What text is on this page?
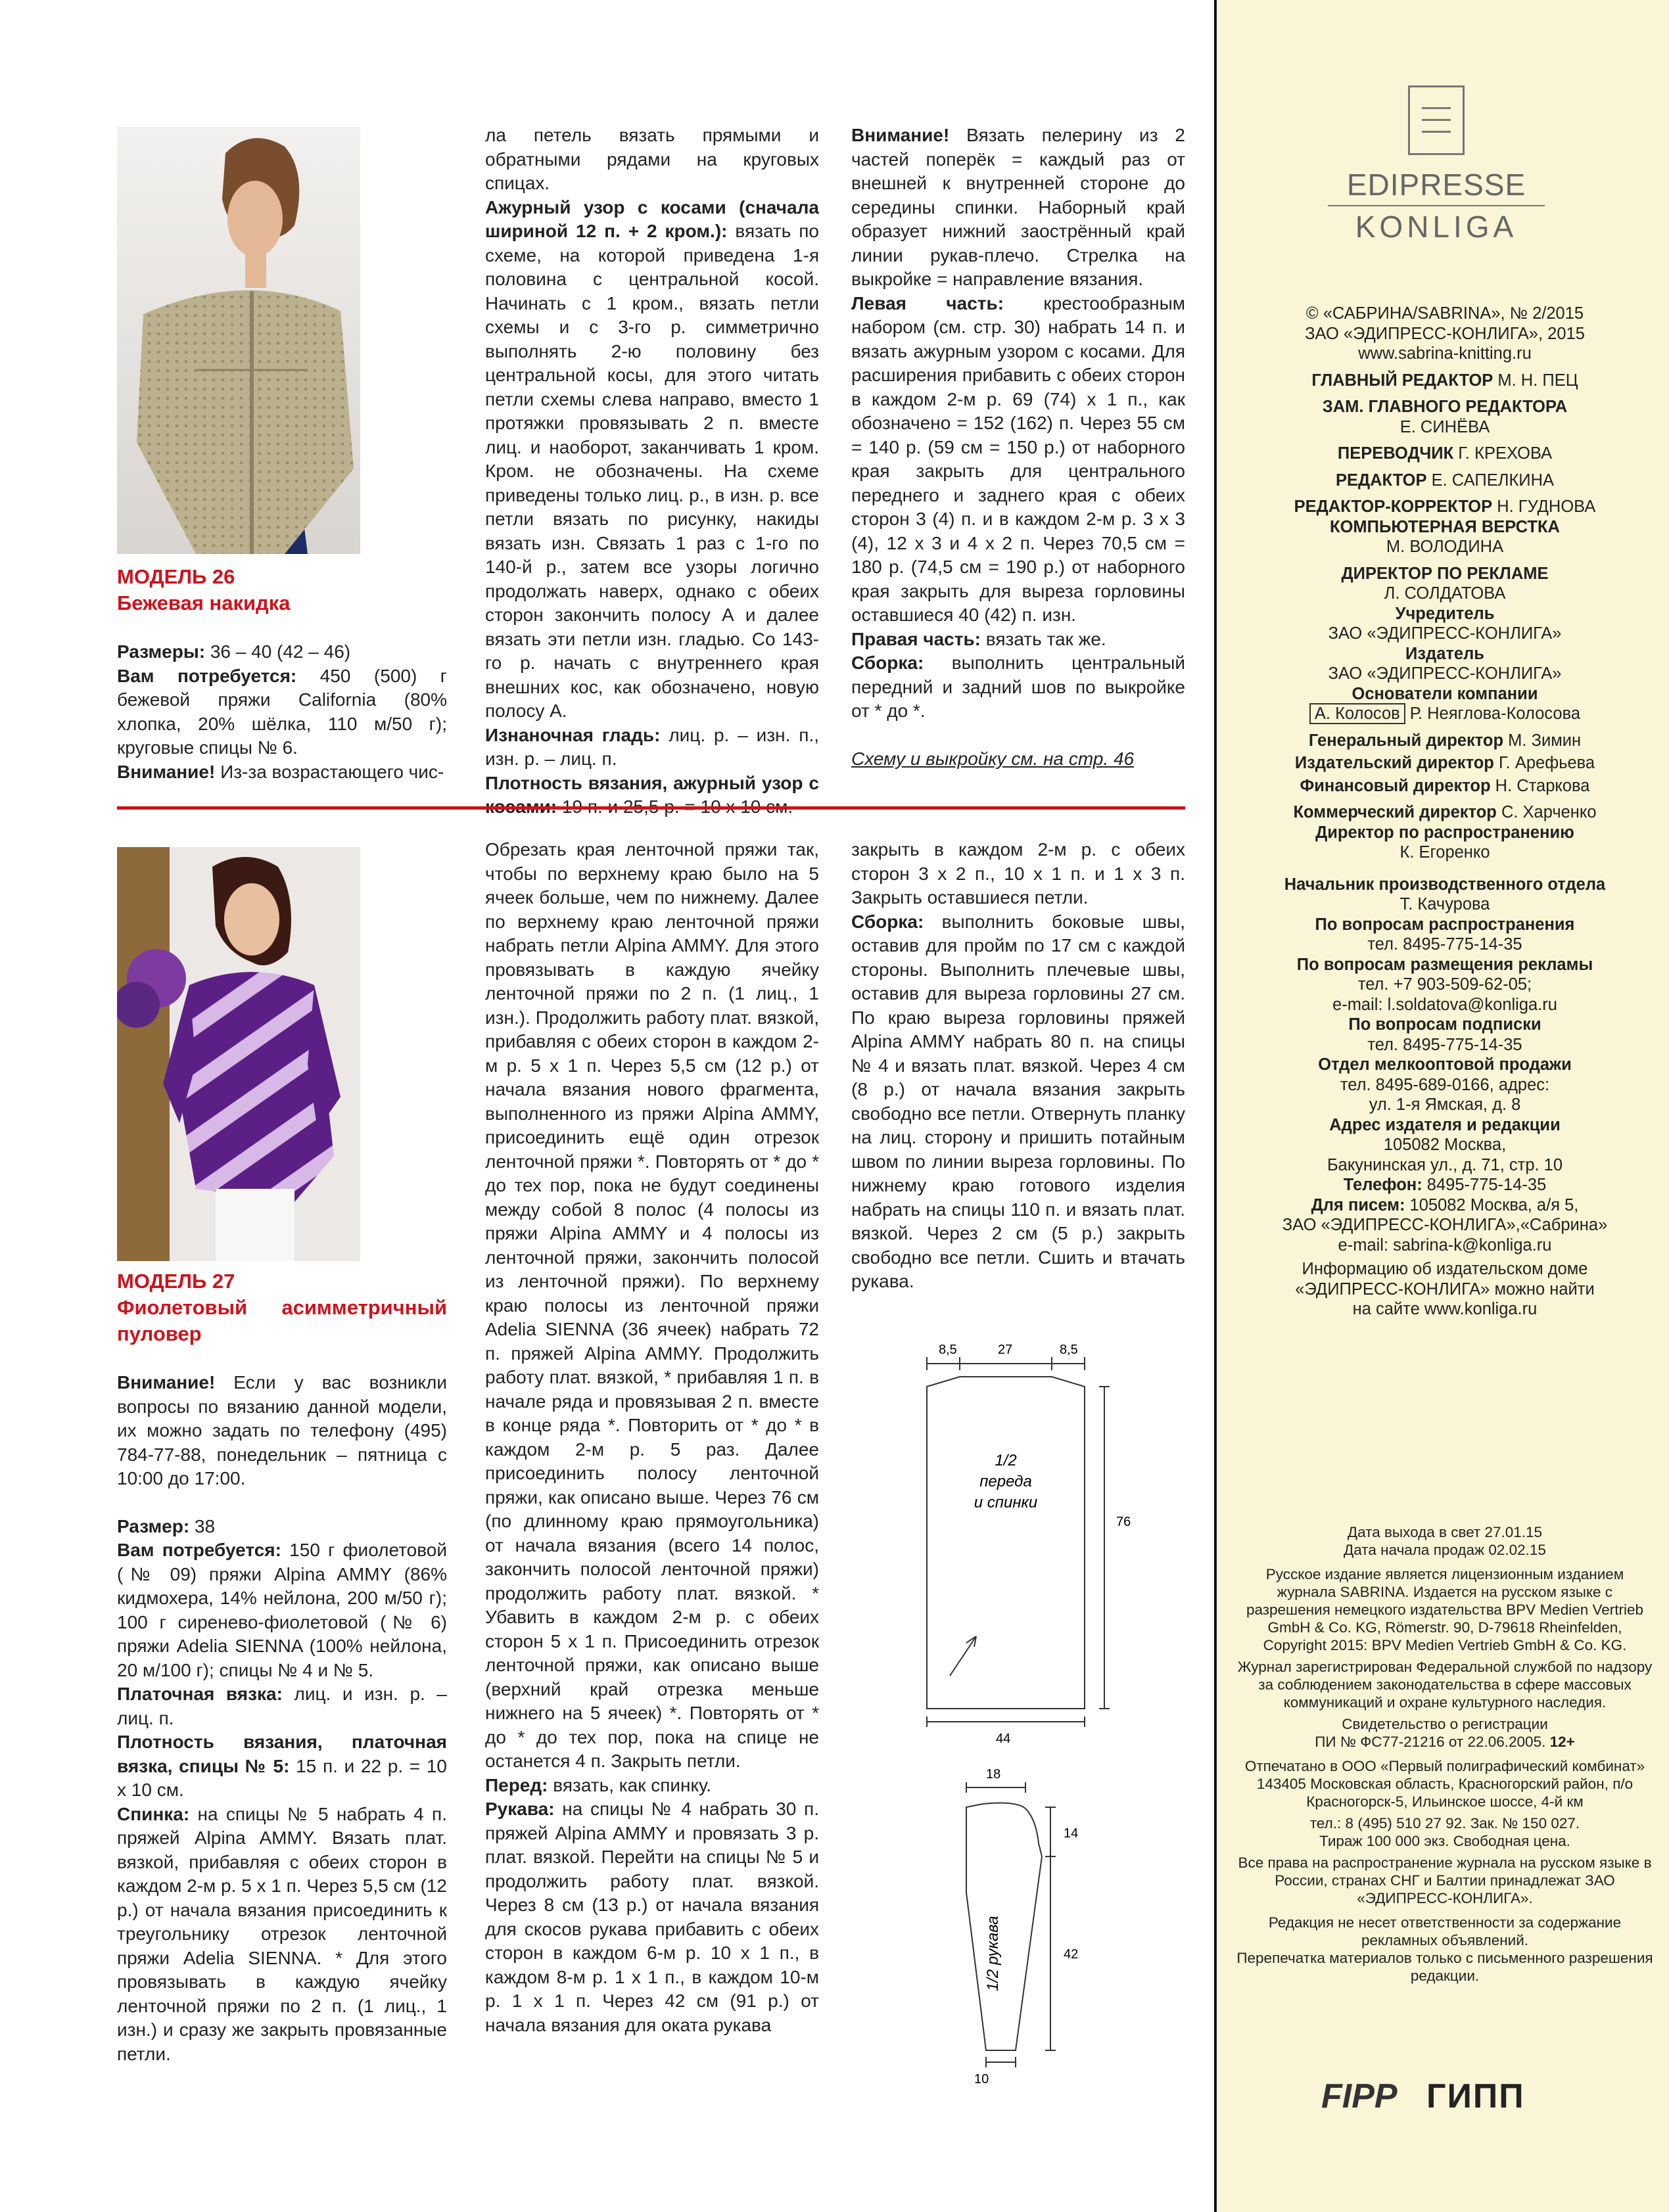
МОДЕЛЬ 26
Бежевая накидка

Размеры: 36 – 40 (42 – 46)

Вам потребуется: 450 (500) г бежевой пряжи California (80% хлопка, 20% шёлка, 110 м/50 г); круговые спицы № 6.

Внимание! Из-за возрастающего чис-

ла петель вязать прямыми и обратными рядами на круговых спицах.

Ажурный узор с косами (сначала шириной 12 п. + 2 кром.): вязать по схеме, на которой приведена 1-я половина с центральной косой. Начинать с 1 кром., вязать петли схемы и с 3-го р. симметрично выполнять 2-ю половину без центральной косы, для этого читать петли схемы слева направо, вместо 1 протяжки провязывать 2 п. вместе лиц. и наоборот, заканчивать 1 кром. Кром. не обозначены. На схеме приведены только лиц. р., в изн. р. все петли вязать по рисунку, накиды вязать изн. Связать 1 раз с 1-го по 140-й р., затем все узоры логично продолжать наверх, однако с обеих сторон закончить полосу А и далее вязать эти петли изн. гладью. Со 143-го р. начать с внутреннего края внешних кос, как обозначено, новую полосу А.

Изнаночная гладь: лиц. р. – изн. п., изн. р. – лиц. п.

Плотность вязания, ажурный узор с

Внимание! Вязать пелерину из 2 частей поперёк = каждый раз от внешней к внутренней стороне до середины спинки. Наборный край образует нижний заострённый край линии рукав-плечо. Стрелка на выкройке = направление вязания.

Левая часть: крестообразным набором (см. стр. 30) набрать 14 п. и вязать ажурным узором с косами. Для расширения прибавить с обеих сторон в каждом 2-м р. 69 (74) х 1 п., как обозначено = 152 (162) п. Через 55 см = 140 р. (59 см = 150 р.) от наборного края закрыть для центрального переднего и заднего края с обеих сторон 3 (4) п. и в каждом 2-м р. 3 х 3 (4), 12 х 3 и 4 х 2 п. Через 70,5 см = 180 р. (74,5 см = 190 р.) от наборного края закрыть для выреза горловины оставшиеся 40 (42) п. изн.

Правая часть: вязать так же.

Сборка: выполнить центральный передний и задний шов по выкройке от * до *.

Схему и выкройку см. на стр. 46

МОДЕЛЬ 27
Фиолетовый асимметричный пуловер

Внимание! Если у вас возникли вопросы по вязанию данной модели, их можно задать по телефону (495) 784-77-88, понедельник – пятница с 10:00 до 17:00.

Размер: 38

Вам потребуется: 150 г фиолетовой (№ 09) пряжи Alpina AMMY (86% кидмохера, 14% нейлона, 200 м/50 г); 100 г сиренево-фиолетовой (№ 6) пряжи Adelia SIENNA (100% нейлона, 20 м/100 г); спицы № 4 и № 5.

Платочная вязка: лиц. и изн. р. – лиц. п.

Плотность вязания, платочная вязка, спицы № 5: 15 п. и 22 р. = 10 х 10 см.

Спинка: на спицы № 5 набрать 4 п. пряжей Alpina AMMY. Вязать плат. вязкой, прибавляя с обеих сторон в каждом 2-м р. 5 х 1 п. Через 5,5 см (12 р.) от начала вязания присоединить к треугольнику отрезок ленточной пряжи Adelia SIENNA. * Для этого провязывать в каждую ячейку ленточной пряжи по 2 п. (1 лиц., 1 изн.) и сразу же закрыть провязанные петли.

Обрезать края ленточной пряжи так, чтобы по верхнему краю было на 5 ячеек больше, чем по нижнему. Далее по верхнему краю ленточной пряжи набрать петли Alpina AMMY. Для этого провязывать в каждую ячейку ленточной пряжи по 2 п. (1 лиц., 1 изн.). Продолжить работу плат. вязкой, прибавляя с обеих сторон в каждом 2-м р. 5 х 1 п. Через 5,5 см (12 р.) от начала вязания нового фрагмента, выполненного из пряжи Alpina AMMY, присоединить ещё один отрезок ленточной пряжи *. Повторять от * до * до тех пор, пока не будут соединены между собой 8 полос (4 полосы из пряжи Alpina AMMY и 4 полосы из ленточной пряжи, закончить полосой из ленточной пряжи). По верхнему краю полосы из ленточной пряжи Adelia SIENNA (36 ячеек) набрать 72 п. пряжей Alpina AMMY. Продолжить работу плат. вязкой, * прибавляя 1 п. в начале ряда и провязывая 2 п. вместе в конце ряда *. Повторить от * до * в каждом 2-м р. 5 раз. Далее присоединить полосу ленточной пряжи, как описано выше. Через 76 см (по длинному краю прямоугольника) от начала вязания (всего 14 полос, закончить полосой ленточной пряжи) продолжить работу плат. вязкой. * Убавить в каждом 2-м р. с обеих сторон 5 х 1 п. Присоединить отрезок ленточной пряжи, как описано выше (верхний край отрезка меньше нижнего на 5 ячеек) *. Повторять от * до * до тех пор, пока на спице не останется 4 п. Закрыть петли.

Перед: вязать, как спинку.

Рукава: на спицы № 4 набрать 30 п. пряжей Alpina AMMY и провязать 3 р. плат. вязкой. Перейти на спицы № 5 и продолжить работу плат. вязкой. Через 8 см (13 р.) от начала вязания для скосов рукава прибавить с обеих сторон в каждом 6-м р. 10 х 1 п., в каждом 8-м р. 1 х 1 п., в каждом 10-м р. 1 х 1 п. Через 42 см (91 р.) от начала вязания для оката рукава

закрыть в каждом 2-м р. с обеих сторон 3 х 2 п., 10 х 1 п. и 1 х 3 п. Закрыть оставшиеся петли.

Сборка: выполнить боковые швы, оставив для пройм по 17 см с каждой стороны. Выполнить плечевые швы, оставив для выреза горловины 27 см. По краю выреза горловины пряжей Alpina AMMY набрать 80 п. на спицы № 4 и вязать плат. вязкой. Через 4 см (8 р.) от начала вязания закрыть свободно все петли. Отвернуть планку на лиц. сторону и пришить потайным швом по линии выреза горловины. По нижнему краю готового изделия набрать на спицы 110 п. и вязать плат. вязкой. Через 2 см (5 р.) закрыть свободно все петли. Сшить и втачать рукава.

8,5	27	8,5
1/2
переда
и спинки
76
44
18
14
42
10
1/2 рукава
EDIPRESSE
KONLIGA

© «САБРИНА/SABRINA», № 2/2015

ЗАО «ЭДИПРЕСС-КОНЛИГА», 2015

www.sabrina-knitting.ru

ГЛАВНЫЙ РЕДАКТОР М. Н. ПЕЦ

ЗАМ. ГЛАВНОГО РЕДАКТОРА

Е. СИНЁВА

ПЕРЕВОДЧИК Г. КРЕХОВА

РЕДАКТОР Е. САПЕЛКИНА

РЕДАКТОР-КОРРЕКТОР Н. ГУДНОВА

КОМПЬЮТЕРНАЯ ВЕРСТКА

М. ВОЛОДИНА

ДИРЕКТОР ПО РЕКЛАМЕ

Л. СОЛДАТОВА

Учредитель

ЗАО «ЭДИПРЕСС-КОНЛИГА»

Издатель

ЗАО «ЭДИПРЕСС-КОНЛИГА»

Основатели компании

А. Колосов Р. Неяглова-Колосова

Генеральный директор М. Зимин

Издательский директор Г. Арефьева

Финансовый директор Н. Старкова

Коммерческий директор С. Харченко

Директор по распространению

К. Егоренко

Начальник производственного отдела

Т. Качурова

По вопросам распространения

тел. 8495-775-14-35

По вопросам размещения рекламы

тел. +7 903-509-62-05;

e-mail: l.soldatova@konliga.ru

По вопросам подписки

тел. 8495-775-14-35

Отдел мелкооптовой продажи

тел. 8495-689-0166, адрес:

ул. 1-я Ямская, д. 8

Адрес издателя и редакции

105082 Москва,

Бакунинская ул., д. 71, стр. 10

Телефон: 8495-775-14-35

Для писем: 105082 Москва, а/я 5,

ЗАО «ЭДИПРЕСС-КОНЛИГА»,«Сабрина»

e-mail: sabrina-k@konliga.ru

Информацию об издательском доме

«ЭДИПРЕСС-КОНЛИГА» можно найти

на сайте www.konliga.ru

Дата выхода в свет 27.01.15

Дата начала продаж 02.02.15

Русское издание является лицензионным изданием журнала SABRINA. Издается на русском языке с разрешения немецкого издательства BPV Medien Vertrieb GmbH & Co. KG, Römerstr. 90, D-79618 Rheinfelden, Copyright 2015: BPV Medien Vertrieb GmbH & Co. KG.

Журнал зарегистрирован Федеральной службой по надзору за соблюдением законодательства в сфере массовых коммуникаций и охране культурного наследия.

Свидетельство о регистрации

ПИ № ФС77-21216 от 22.06.2005. 12+

Отпечатано в ООО «Первый полиграфический комбинат» 143405 Московская область, Красногорский район, п/о Красногорск-5, Ильинское шоссе, 4-й км

тел.: 8 (495) 510 27 92. Зак. № 150 027.

Тираж 100 000 экз. Свободная цена.

Все права на распространение журнала на русском языке в России, странах СНГ и Балтии принадлежат ЗАО «ЭДИПРЕСС-КОНЛИГА».

Редакция не несет ответственности за содержание рекламных объявлений.

Перепечатка материалов только с письменного разрешения редакции.

FIPP ГИПП
